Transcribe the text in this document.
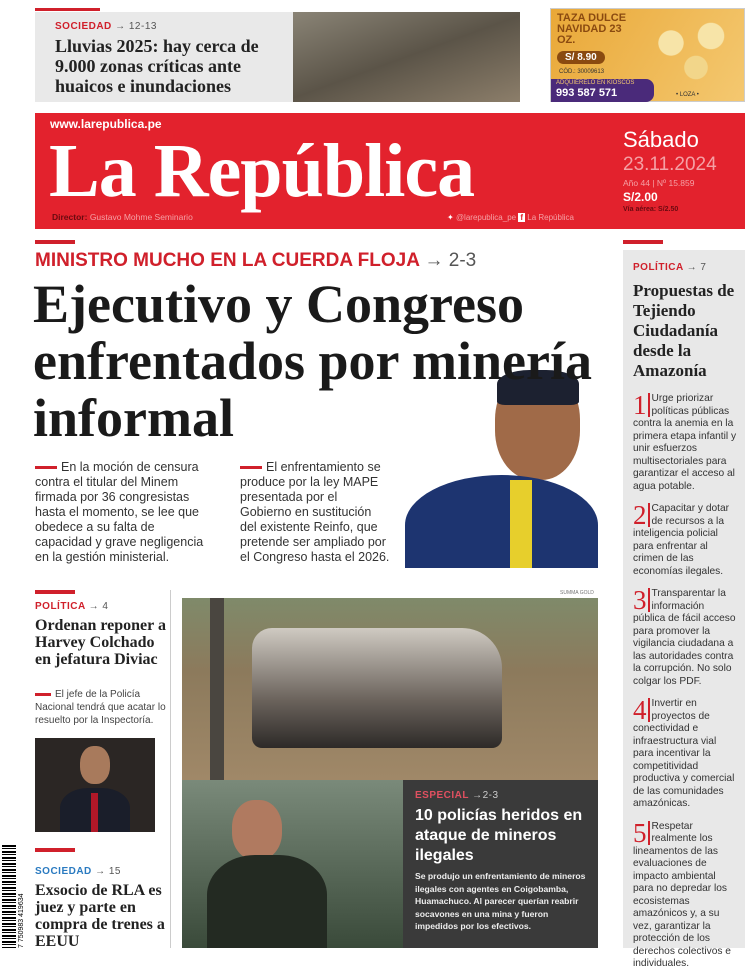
SOCIEDAD → 12-13
Lluvias 2025: hay cerca de 9.000 zonas críticas ante huaicos e inundaciones
TAZA DULCE NAVIDAD 23 OZ.
S/ 8.90
CÓD.: 30009613
ADQUIÉRELO EN KIOSCOS
993 587 571	• LOZA •
www.larepublica.pe
La República
Director: Gustavo Mohme Seminario	✦ @larepublica_pe f La República
Sábado
23.11.2024
Año 44 | Nº 15.859
S/2.00
Vía aérea: S/2.50
MINISTRO MUCHO EN LA CUERDA FLOJA → 2-3
Ejecutivo y Congreso enfrentados por minería informal
En la moción de censura contra el titular del Minem firmada por 36 congresistas hasta el momento, se lee que obedece a su falta de capacidad y grave negligencia en la gestión ministerial.
El enfrentamiento se produce por la ley MAPE presentada por el Gobierno en sustitución del existente Reinfo, que pretende ser ampliado por el Congreso hasta el 2026.
POLÍTICA → 7
Propuestas de Tejiendo Ciudadanía desde la Amazonía
1 Urge priorizar políticas públicas contra la anemia en la primera etapa infantil y unir esfuerzos multisectoriales para garantizar el acceso al agua potable.
2 Capacitar y dotar de recursos a la inteligencia policial para enfrentar al crimen de las economías ilegales.
3 Transparentar la información pública de fácil acceso para promover la vigilancia ciudadana a las autoridades contra la corrupción. No solo colgar los PDF.
4 Invertir en proyectos de conectividad e infraestructura vial para incentivar la competitividad productiva y comercial de las comunidades amazónicas.
5 Respetar realmente los lineamentos de las evaluaciones de impacto ambiental para no depredar los ecosistemas amazónicos y, a su vez, garantizar la protección de los derechos colectivos e individuales.
POLÍTICA → 4
Ordenan reponer a Harvey Colchado en jefatura Diviac
El jefe de la Policía Nacional tendrá que acatar lo resuelto por la Inspectoría.
SOCIEDAD → 15
Exsocio de RLA es juez y parte en compra de trenes a EEUU
7 750983 419634
SUMMA GOLD
ESPECIAL →2-3
10 policías heridos en ataque de mineros ilegales
Se produjo un enfrentamiento de mineros ilegales con agentes en Coigobamba, Huamachuco. Al parecer querían reabrir socavones en una mina y fueron impedidos por los efectivos.
